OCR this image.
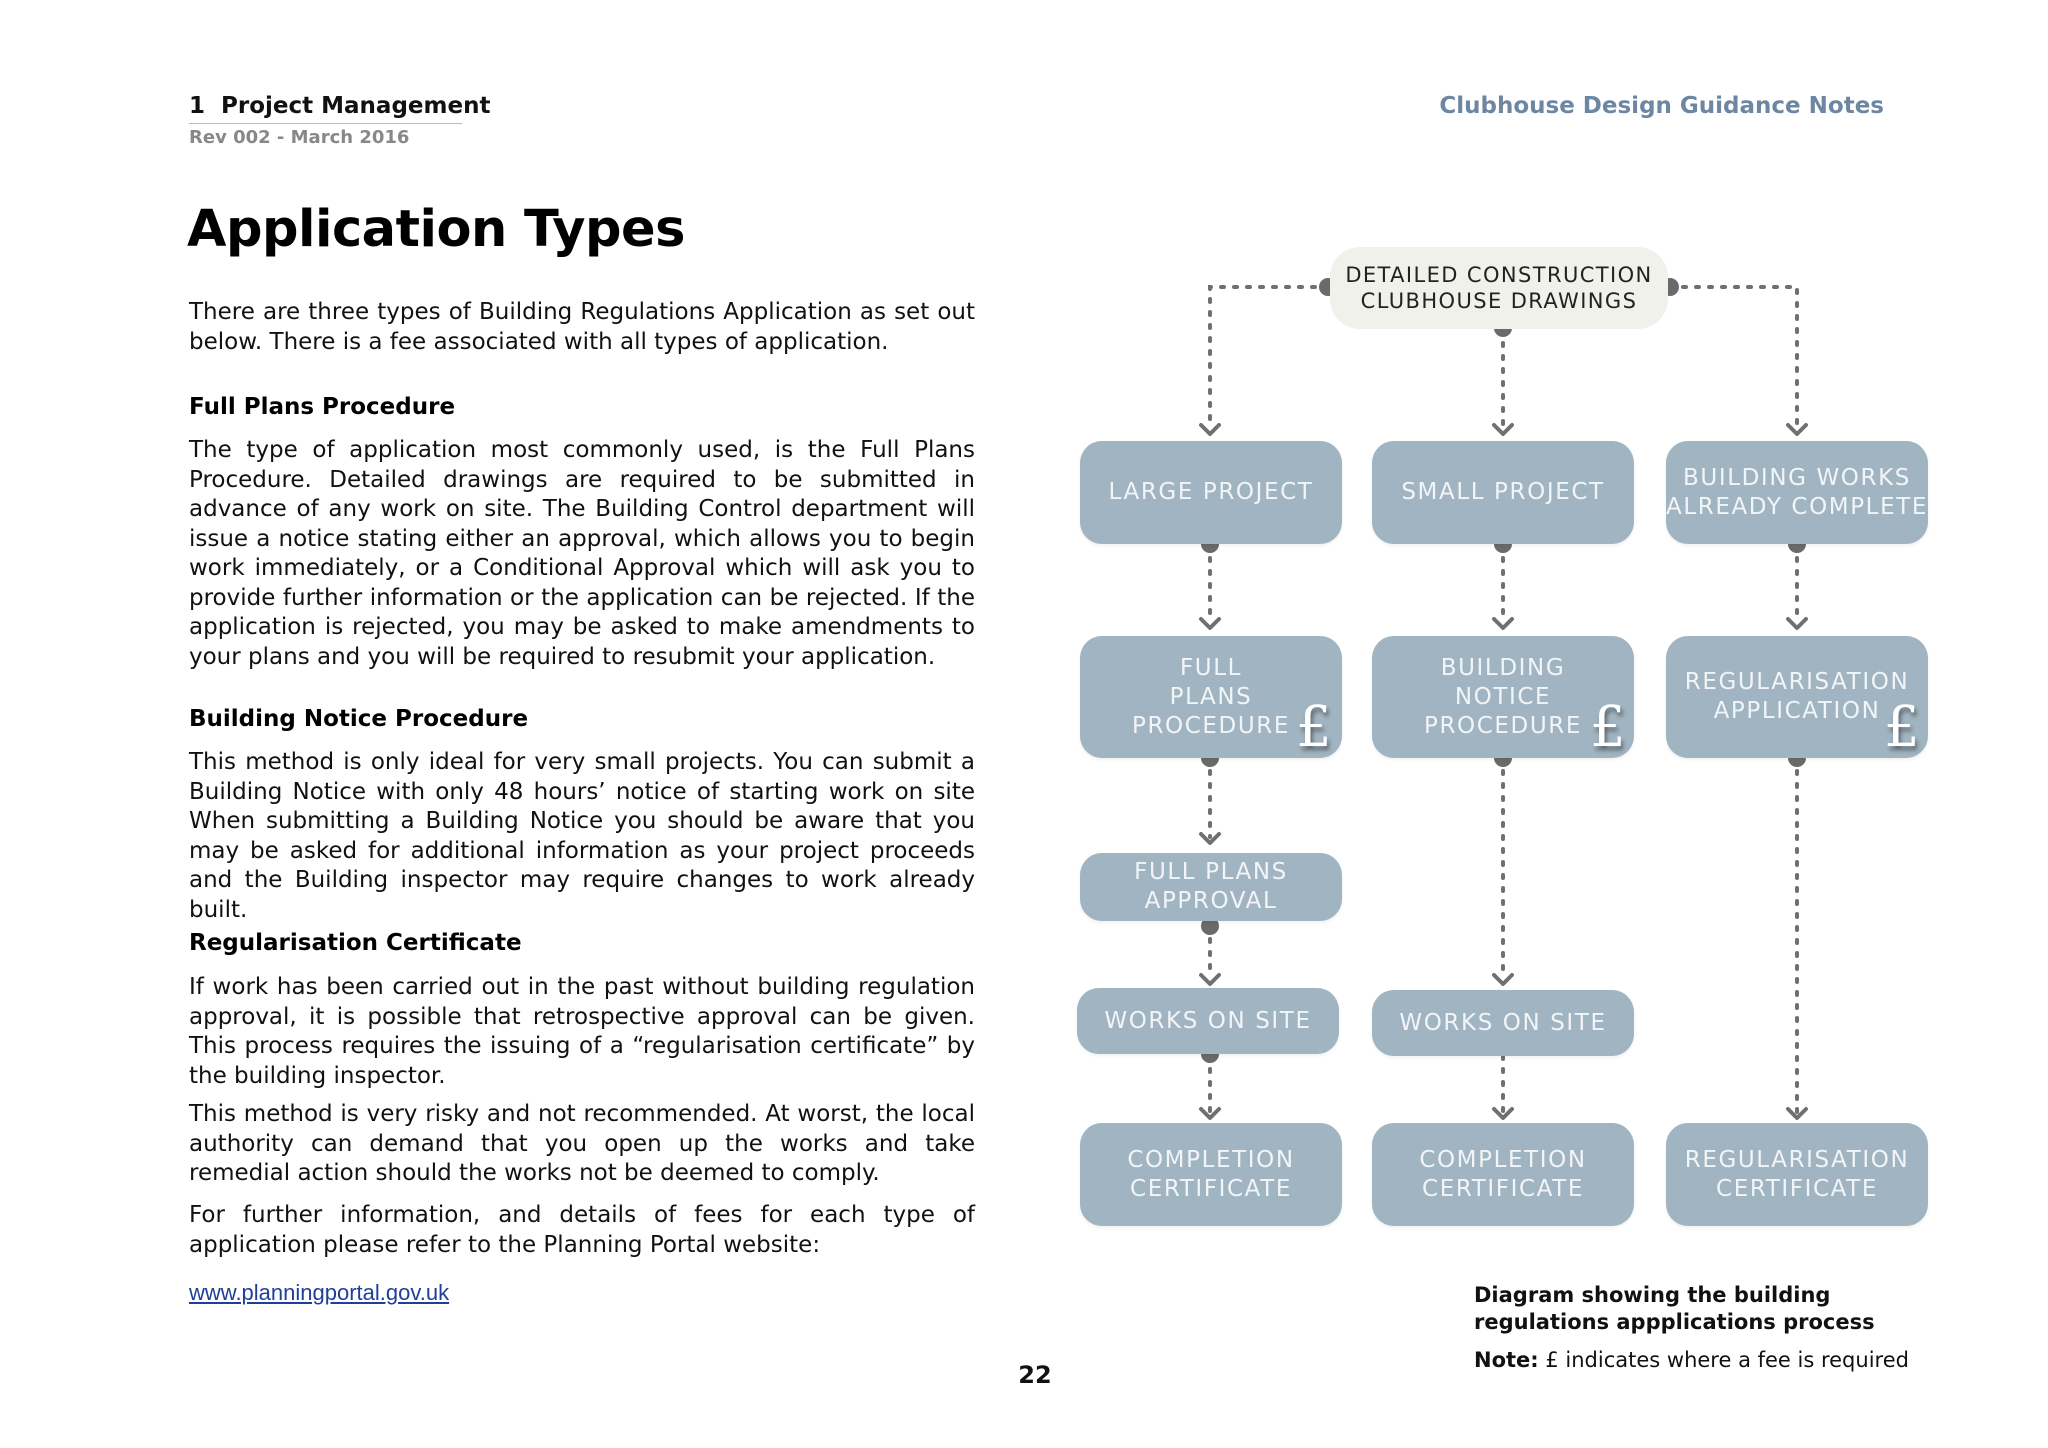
1  Project Management
Rev 002 - March 2016
Clubhouse Design Guidance Notes
Application Types

There are three types of Building Regulations Application as set out below. There is a fee associated with all types of application.

Full Plans Procedure

The type of application most commonly used, is the Full Plans Procedure. Detailed drawings are required to be submitted in advance of any work on site. The Building Control department will issue a notice stating either an approval, which allows you to begin work immediately, or a Conditional Approval which will ask you to provide further information or the application can be rejected. If the application is rejected, you may be asked to make amendments to your plans and you will be required to resubmit your application.

Building Notice Procedure

This method is only ideal for very small projects. You can submit a Building Notice with only 48 hours’ notice of starting work on site When submitting a Building Notice you should be aware that you may be asked for additional information as your project proceeds and the Building inspector may require changes to work already built.

Regularisation Certificate

If work has been carried out in the past without building regulation approval, it is possible that retrospective approval can be given. This process requires the issuing of a “regularisation certificate” by the building inspector.

This method is very risky and not recommended. At worst, the local authority can demand that you open up the works and take remedial action should the works not be deemed to comply.

For further information, and details of fees for each type of application please refer to the Planning Portal website:

www.planningportal.gov.uk
22
DETAILED CONSTRUCTION
CLUBHOUSE DRAWINGS
LARGE PROJECT	SMALL PROJECT
BUILDING WORKS
ALREADY COMPLETE
FULL
PLANS
PROCEDURE
BUILDING
NOTICE
PROCEDURE
REGULARISATION
APPLICATION
£	£	£
FULL PLANS
APPROVAL
WORKS ON SITE	WORKS ON SITE
COMPLETION
CERTIFICATE
COMPLETION
CERTIFICATE
REGULARISATION
CERTIFICATE
Diagram showing the building regulations appplications process
Note: £ indicates where a fee is required
